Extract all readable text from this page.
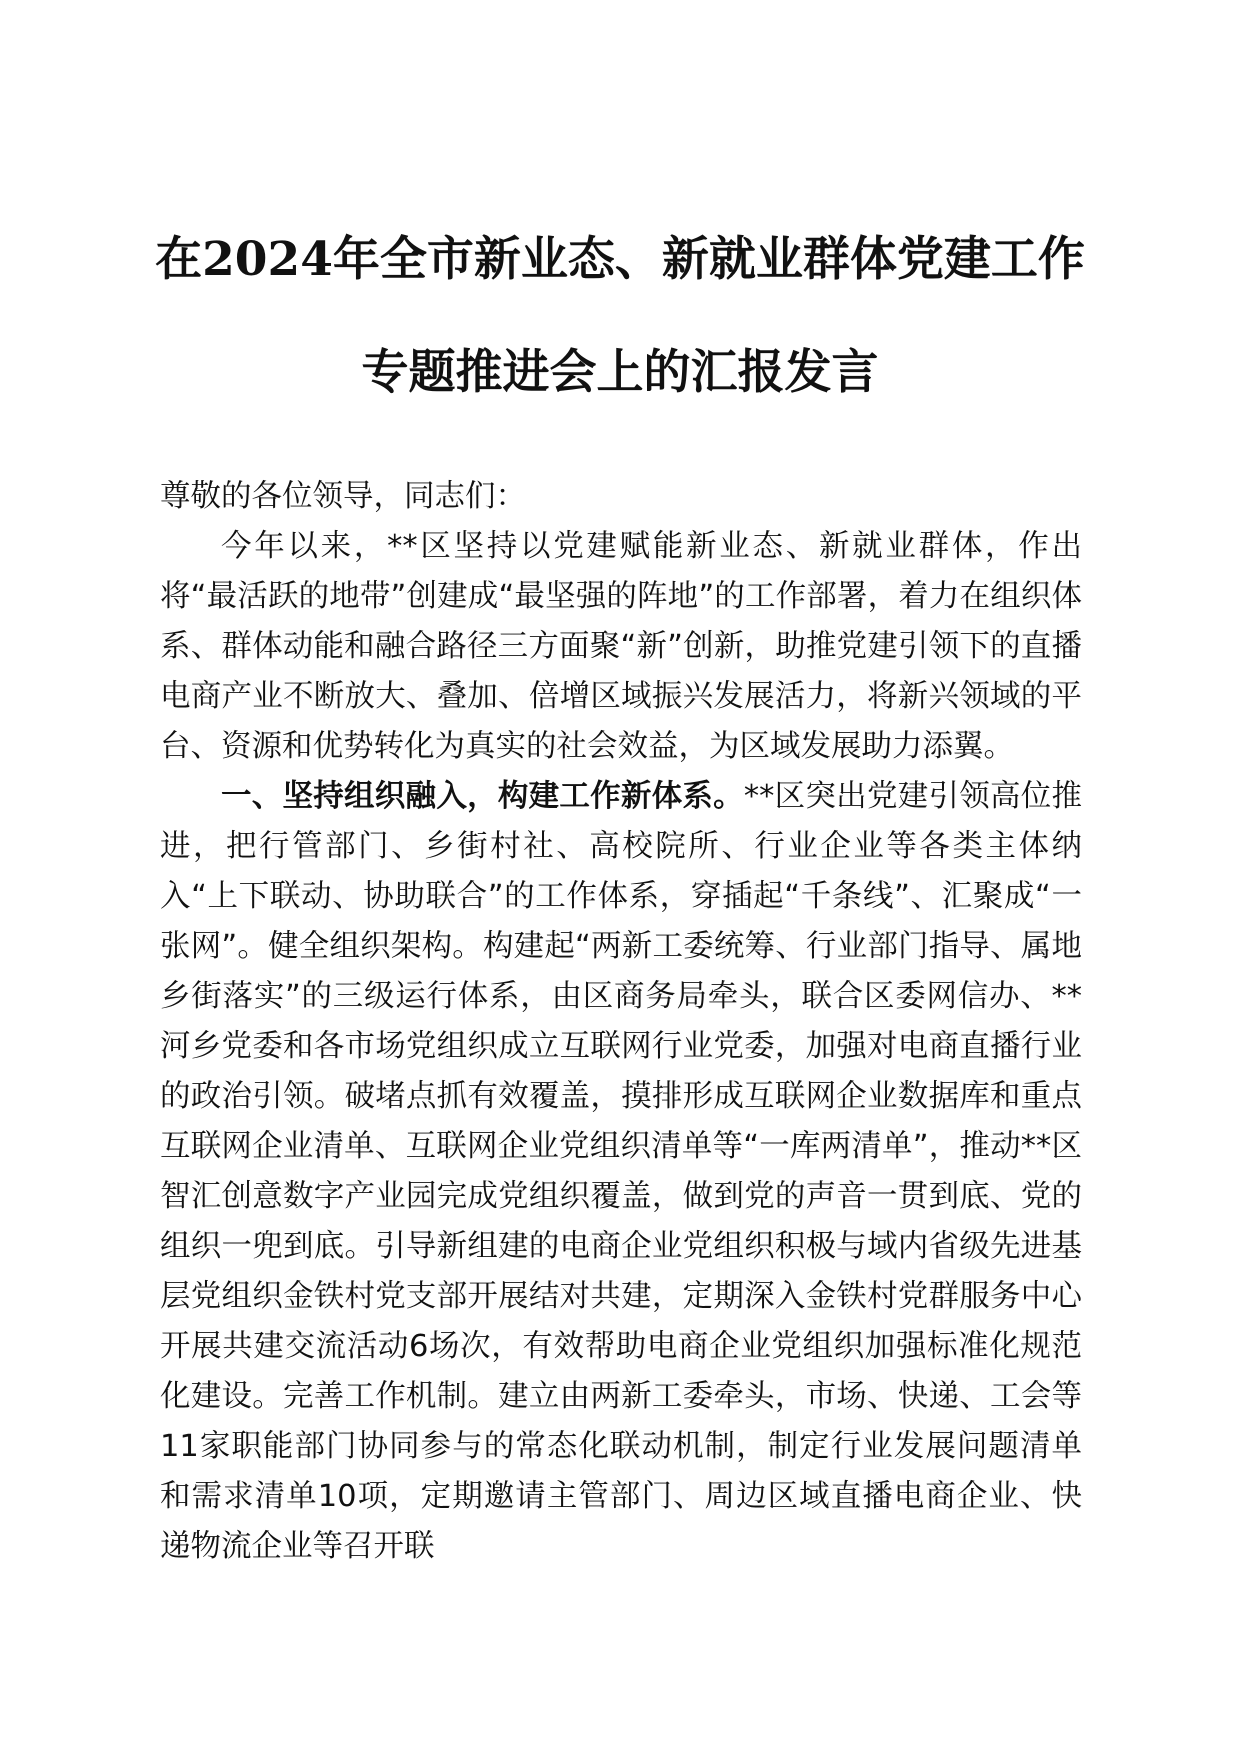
在2024年全市新业态、新就业群体党建工作
专题推进会上的汇报发言

尊敬的各位领导，同志们：

今年以来，**区坚持以党建赋能新业态、新就业群体，作出将“最活跃的地带”创建成“最坚强的阵地”的工作部署，着力在组织体系、群体动能和融合路径三方面聚“新”创新，助推党建引领下的直播电商产业不断放大、叠加、倍增区域振兴发展活力，将新兴领域的平台、资源和优势转化为真实的社会效益，为区域发展助力添翼。

一、坚持组织融入，构建工作新体系。**区突出党建引领高位推进，把行管部门、乡街村社、高校院所、行业企业等各类主体纳入“上下联动、协助联合”的工作体系，穿插起“千条线”、汇聚成“一张网”。健全组织架构。构建起“两新工委统筹、行业部门指导、属地乡街落实”的三级运行体系，由区商务局牵头，联合区委网信办、**河乡党委和各市场党组织成立互联网行业党委，加强对电商直播行业的政治引领。破堵点抓有效覆盖，摸排形成互联网企业数据库和重点互联网企业清单、互联网企业党组织清单等“一库两清单”，推动**区智汇创意数字产业园完成党组织覆盖，做到党的声音一贯到底、党的组织一兜到底。引导新组建的电商企业党组织积极与域内省级先进基层党组织金铁村党支部开展结对共建，定期深入金铁村党群服务中心开展共建交流活动6场次，有效帮助电商企业党组织加强标准化规范化建设。完善工作机制。建立由两新工委牵头，市场、快递、工会等11家职能部门协同参与的常态化联动机制，制定行业发展问题清单和需求清单10项，定期邀请主管部门、周边区域直播电商企业、快递物流企业等召开联
